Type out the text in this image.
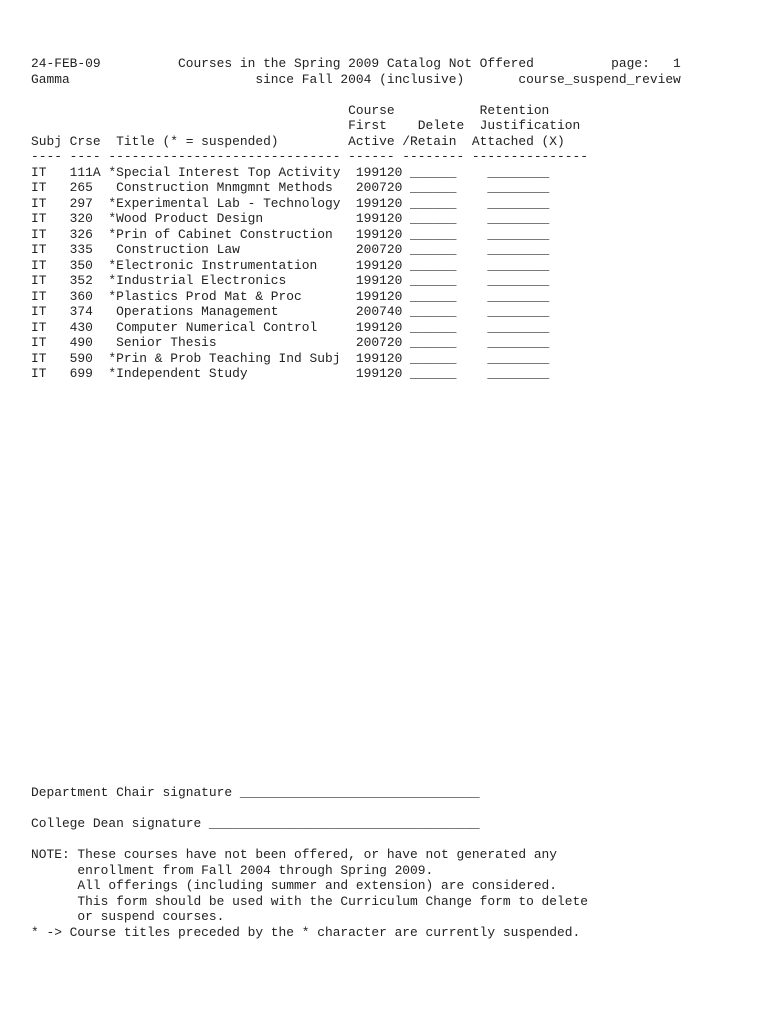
24-FEB-09          Courses in the Spring 2009 Catalog Not Offered          page:   1
Gamma                        since Fall 2004 (inclusive)       course_suspend_review
Course           Retention
First    Delete  Justification
Subj Crse  Title (* = suspended)         Active /Retain  Attached (X)
---- ---- ------------------------------ ------ -------- ---------------
IT   111A *Special Interest Top Activity  199120 ______    ________
IT   265   Construction Mnmgmnt Methods   200720 ______    ________
IT   297  *Experimental Lab - Technology  199120 ______    ________
IT   320  *Wood Product Design            199120 ______    ________
IT   326  *Prin of Cabinet Construction   199120 ______    ________
IT   335   Construction Law               200720 ______    ________
IT   350  *Electronic Instrumentation     199120 ______    ________
IT   352  *Industrial Electronics         199120 ______    ________
IT   360  *Plastics Prod Mat & Proc       199120 ______    ________
IT   374   Operations Management          200740 ______    ________
IT   430   Computer Numerical Control     199120 ______    ________
IT   490   Senior Thesis                  200720 ______    ________
IT   590  *Prin & Prob Teaching Ind Subj  199120 ______    ________
IT   699  *Independent Study              199120 ______    ________
Department Chair signature _______________________________
College Dean signature ___________________________________
NOTE: These courses have not been offered, or have not generated any
enrollment from Fall 2004 through Spring 2009.
All offerings (including summer and extension) are considered.
This form should be used with the Curriculum Change form to delete
or suspend courses.
* -> Course titles preceded by the * character are currently suspended.
